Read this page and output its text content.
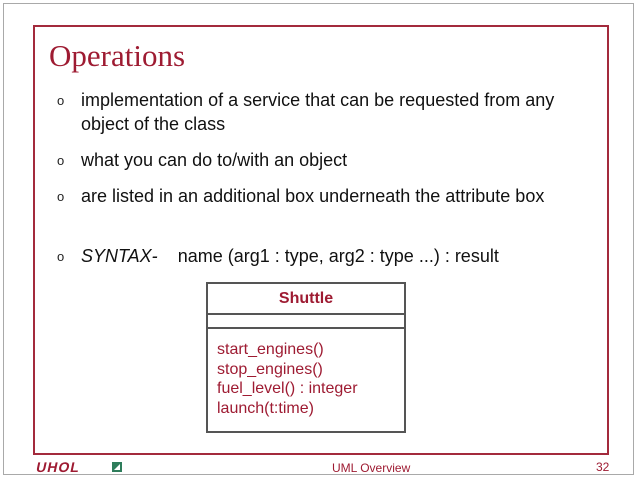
Operations
o implementation of a service that can be requested from any object of the class
o what you can do to/with an object
o are listed in an additional box underneath the attribute box
o SYNTAX- name (arg1 : type, arg2 : type ...) : result
Shuttle
start_engines()
stop_engines()
fuel_level() : integer
launch(t:time)
UHOL	UML Overview	32
